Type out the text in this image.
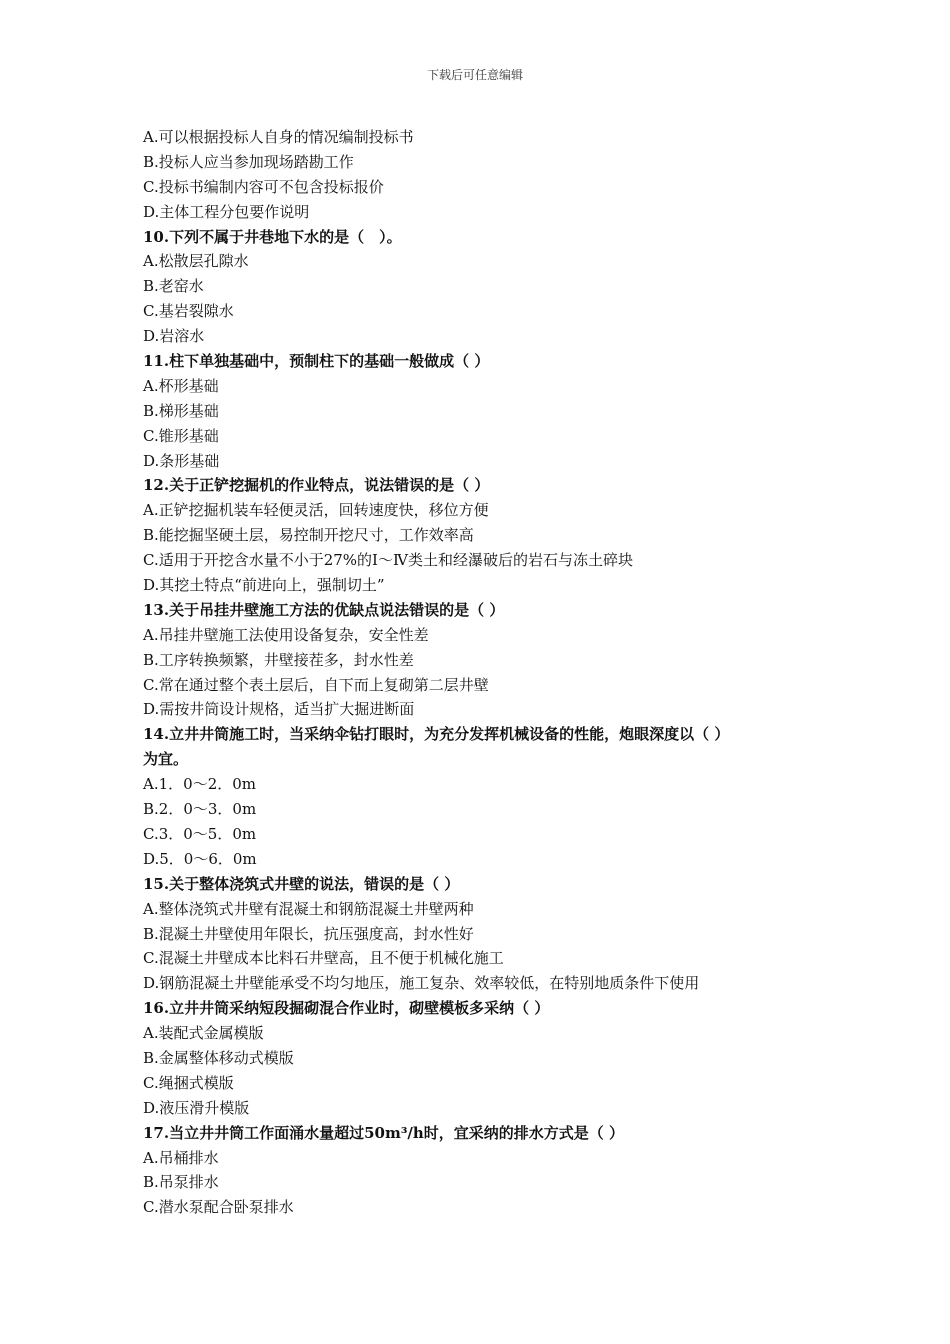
下载后可任意编辑
A.可以根据投标人自身的情况编制投标书
B.投标人应当参加现场踏勘工作
C.投标书编制内容可不包含投标报价
D.主体工程分包要作说明
10.下列不属于井巷地下水的是（　）。
A.松散层孔隙水
B.老窑水
C.基岩裂隙水
D.岩溶水
11.柱下单独基础中，预制柱下的基础一般做成（ ）
A.杯形基础
B.梯形基础
C.锥形基础
D.条形基础
12.关于正铲挖掘机的作业特点，说法错误的是（ ）
A.正铲挖掘机装车轻便灵活，回转速度快，移位方便
B.能挖掘坚硬土层，易控制开挖尺寸，工作效率高
C.适用于开挖含水量不小于27%的Ⅰ～Ⅳ类土和经瀑破后的岩石与冻土碎块
D.其挖土特点“前进向上，强制切土”
13.关于吊挂井壁施工方法的优缺点说法错误的是（ ）
A.吊挂井壁施工法使用设备复杂，安全性差
B.工序转换频繁，井壁接茬多，封水性差
C.常在通过整个表土层后，自下而上复砌第二层井壁
D.需按井筒设计规格，适当扩大掘进断面
14.立井井筒施工时，当采纳伞钻打眼时，为充分发挥机械设备的性能，炮眼深度以（ ）
为宜。
A.1．0～2．0m
B.2．0～3．0m
C.3．0～5．0m
D.5．0～6．0m
15.关于整体浇筑式井壁的说法，错误的是（ ）
A.整体浇筑式井壁有混凝土和钢筋混凝土井壁两种
B.混凝土井壁使用年限长，抗压强度高，封水性好
C.混凝土井壁成本比料石井壁高，且不便于机械化施工
D.钢筋混凝土井壁能承受不均匀地压，施工复杂、效率较低，在特别地质条件下使用
16.立井井筒采纳短段掘砌混合作业时，砌壁模板多采纳（ ）
A.装配式金属模版
B.金属整体移动式模版
C.绳捆式模版
D.液压滑升模版
17.当立井井筒工作面涌水量超过50m³/h时，宜采纳的排水方式是（ ）
A.吊桶排水
B.吊泵排水
C.潜水泵配合卧泵排水
